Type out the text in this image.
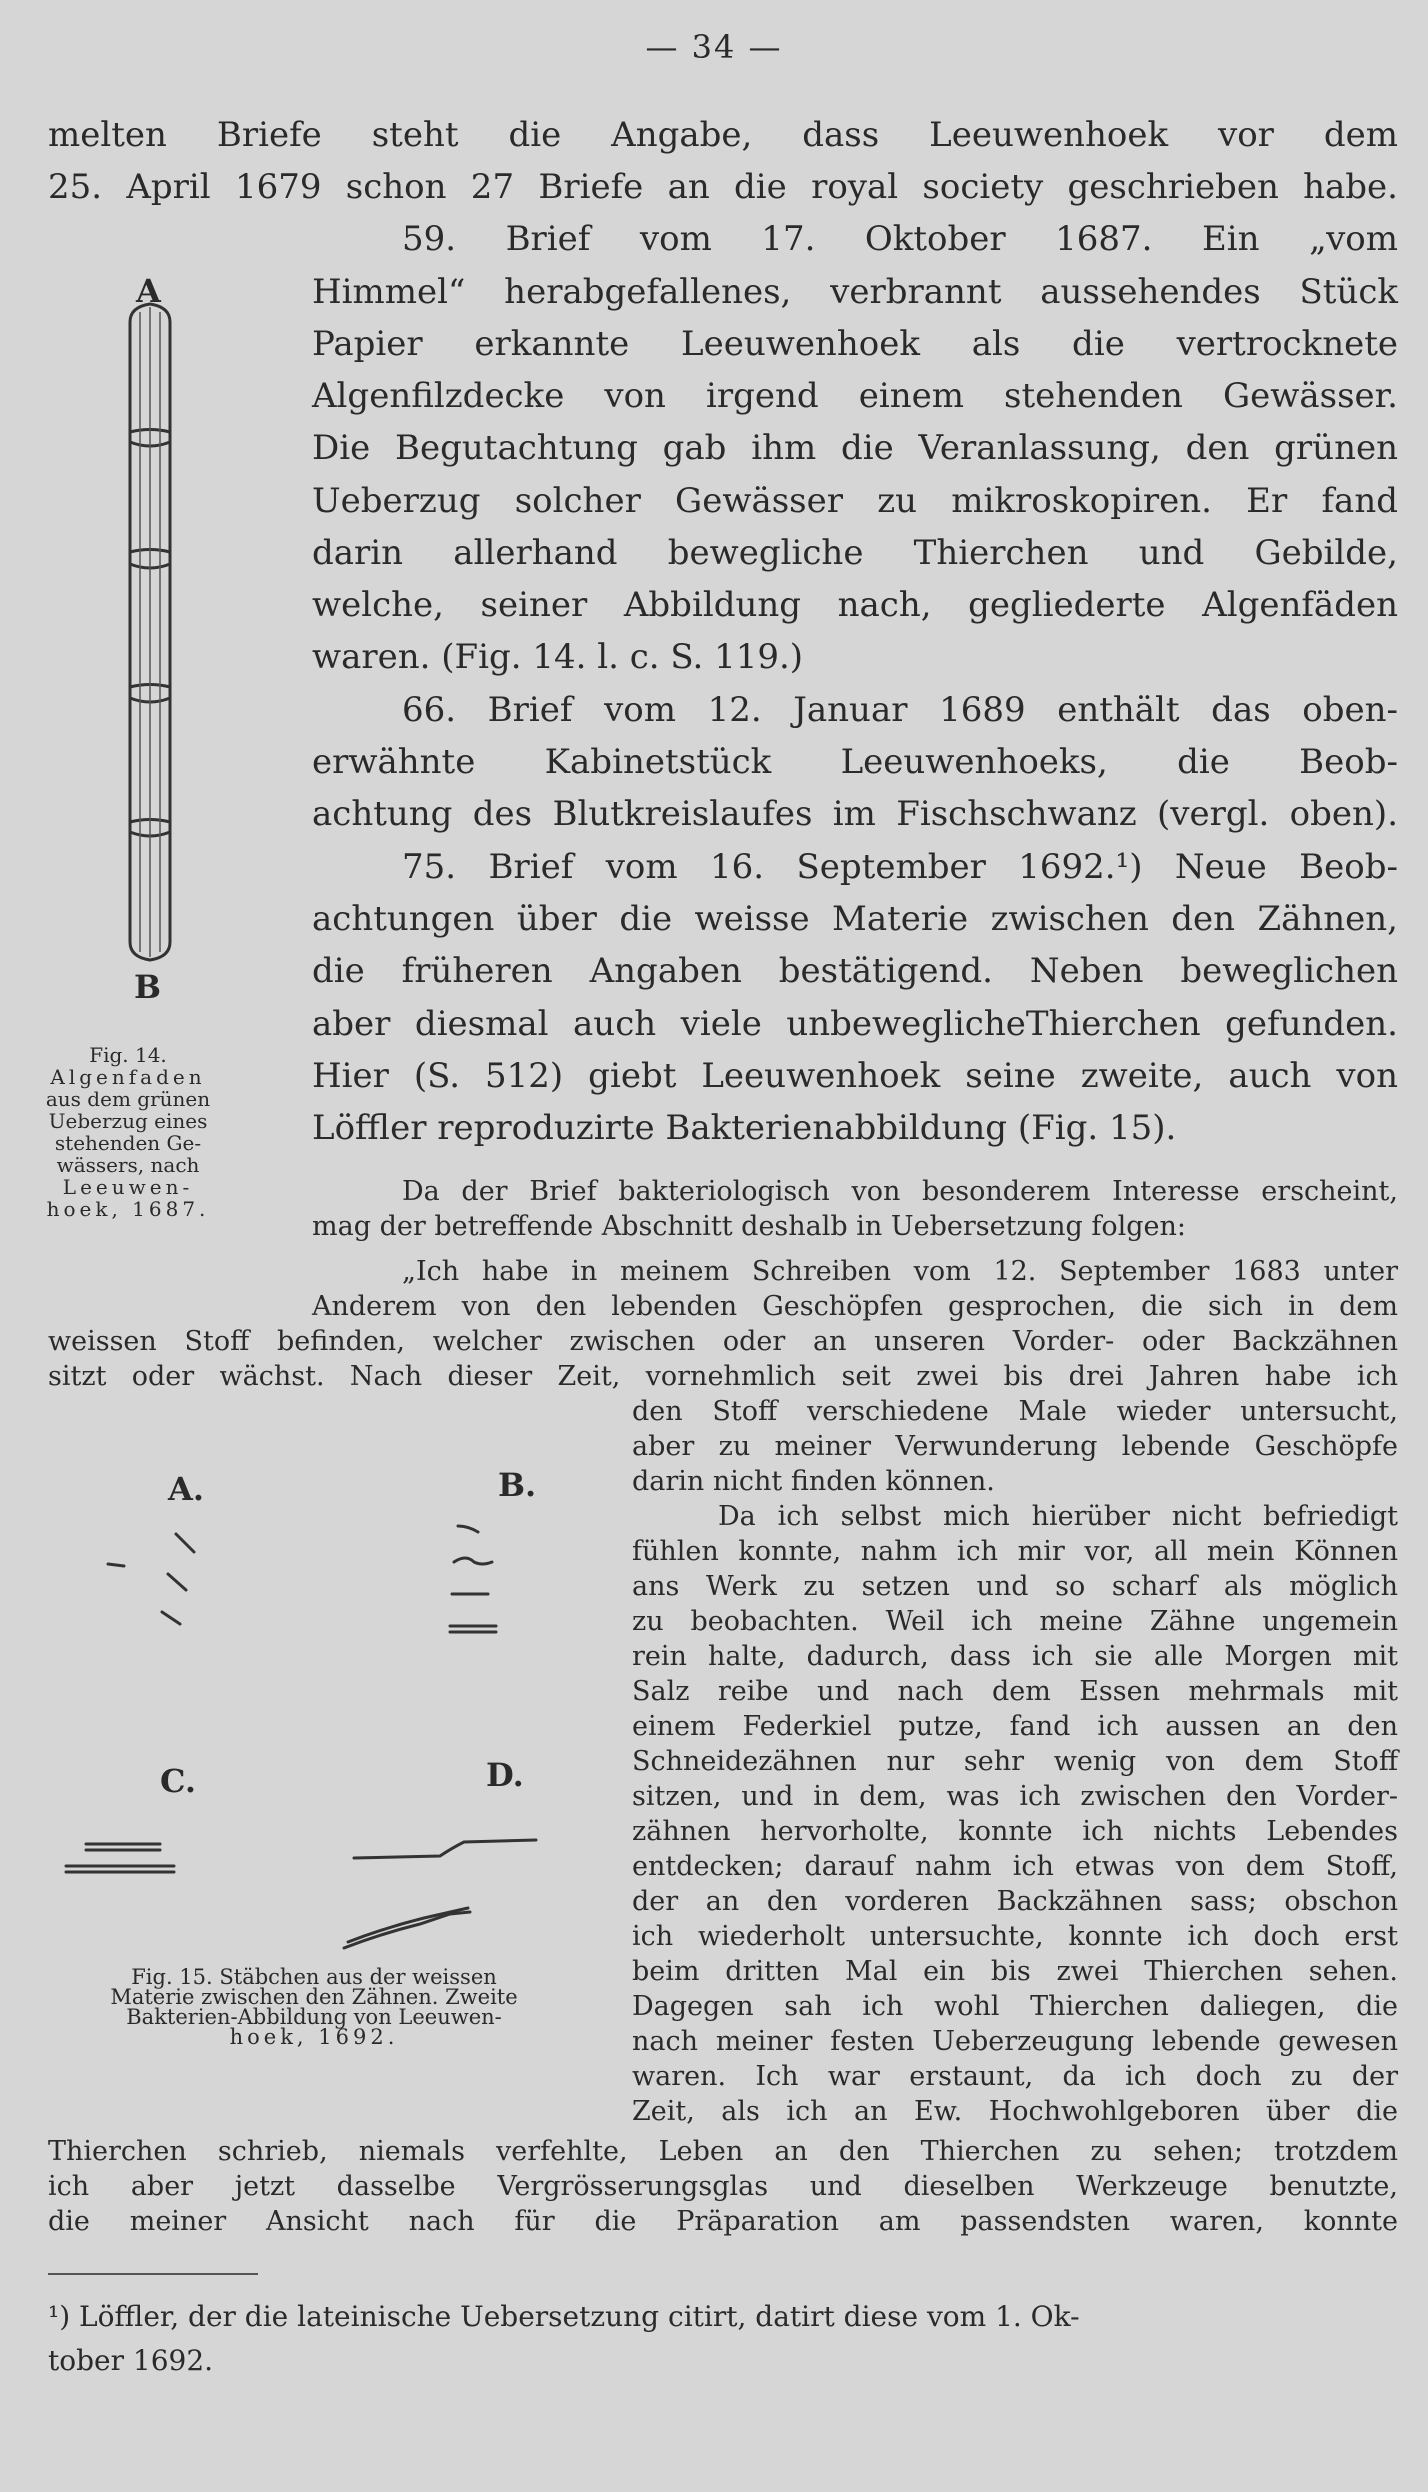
— 34 —

melten Briefe steht die Angabe, dass Leeuwenhoek vor dem

25. April 1679 schon 27 Briefe an die royal society geschrieben habe.

59. Brief vom 17. Oktober 1687. Ein „vom

Himmel“ herabgefallenes, verbrannt aussehendes Stück

Papier erkannte Leeuwenhoek als die vertrocknete

Algenfilzdecke von irgend einem stehenden Gewässer.

Die Begutachtung gab ihm die Veranlassung, den grünen

Ueberzug solcher Gewässer zu mikroskopiren. Er fand

darin allerhand bewegliche Thierchen und Gebilde,

welche, seiner Abbildung nach, gegliederte Algenfäden

waren. (Fig. 14. l. c. S. 119.)

66. Brief vom 12. Januar 1689 enthält das oben-

erwähnte Kabinetstück Leeuwenhoeks, die Beob-

achtung des Blutkreislaufes im Fischschwanz (vergl. oben).

75. Brief vom 16. September 1692.¹) Neue Beob-

achtungen über die weisse Materie zwischen den Zähnen,

die früheren Angaben bestätigend. Neben beweglichen

aber diesmal auch viele unbeweglicheThierchen gefunden.

Hier (S. 512) giebt Leeuwenhoek seine zweite, auch von

Löffler reproduzirte Bakterienabbildung (Fig. 15).

Da der Brief bakteriologisch von besonderem Interesse erscheint,

mag der betreffende Abschnitt deshalb in Uebersetzung folgen:

„Ich habe in meinem Schreiben vom 12. September 1683 unter

Anderem von den lebenden Geschöpfen gesprochen, die sich in dem

weissen Stoff befinden, welcher zwischen oder an unseren Vorder- oder Backzähnen

sitzt oder wächst. Nach dieser Zeit, vornehmlich seit zwei bis drei Jahren habe ich

den Stoff verschiedene Male wieder untersucht,

aber zu meiner Verwunderung lebende Geschöpfe

darin nicht finden können.

Da ich selbst mich hierüber nicht befriedigt

fühlen konnte, nahm ich mir vor, all mein Können

ans Werk zu setzen und so scharf als möglich

zu beobachten. Weil ich meine Zähne ungemein

rein halte, dadurch, dass ich sie alle Morgen mit

Salz reibe und nach dem Essen mehrmals mit

einem Federkiel putze, fand ich aussen an den

Schneidezähnen nur sehr wenig von dem Stoff

sitzen, und in dem, was ich zwischen den Vorder-

zähnen hervorholte, konnte ich nichts Lebendes

entdecken; darauf nahm ich etwas von dem Stoff,

der an den vorderen Backzähnen sass; obschon

ich wiederholt untersuchte, konnte ich doch erst

beim dritten Mal ein bis zwei Thierchen sehen.

Dagegen sah ich wohl Thierchen daliegen, die

nach meiner festen Ueberzeugung lebende gewesen

waren. Ich war erstaunt, da ich doch zu der

Zeit, als ich an Ew. Hochwohlgeboren über die

Thierchen schrieb, niemals verfehlte, Leben an den Thierchen zu sehen; trotzdem

ich aber jetzt dasselbe Vergrösserungsglas und dieselben Werkzeuge benutzte,

die meiner Ansicht nach für die Präparation am passendsten waren, konnte

A
B
Fig. 14.
Algenfaden
aus dem grünen
Ueberzug eines
stehenden Ge-
wässers, nach
Leeuwen-
hoek, 1687.
A.	B.
C.	D.
Fig. 15. Stäbchen aus der weissen
Materie zwischen den Zähnen. Zweite
Bakterien-Abbildung von Leeuwen-
hoek, 1692.
¹) Löffler, der die lateinische Uebersetzung citirt, datirt diese vom 1. Ok-
tober 1692.
